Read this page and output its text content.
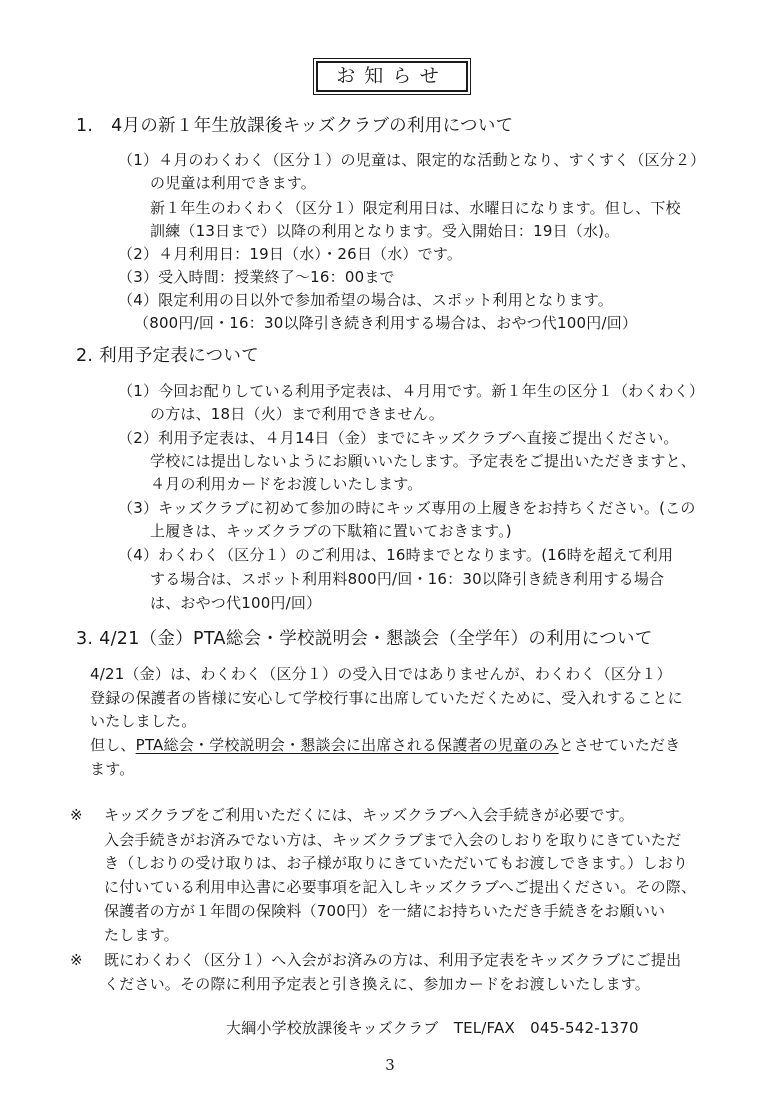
お知らせ
1.　4月の新１年生放課後キッズクラブの利用について
（1）４月のわくわく（区分１）の児童は、限定的な活動となり、すくすく（区分２）
の児童は利用できます。
新１年生のわくわく（区分１）限定利用日は、水曜日になります。但し、下校
訓練（13日まで）以降の利用となります。受入開始日：19日（水)。
（2）４月利用日：19日（水）・26日（水）です。
（3）受入時間：授業終了～16：00まで
（4）限定利用の日以外で参加希望の場合は、スポット利用となります。
（800円/回・16：30以降引き続き利用する場合は、おやつ代100円/回）
2. 利用予定表について
（1）今回お配りしている利用予定表は、４月用です。新１年生の区分１（わくわく）
の方は、18日（火）まで利用できません。
（2）利用予定表は、４月14日（金）までにキッズクラブへ直接ご提出ください。
学校には提出しないようにお願いいたします。予定表をご提出いただきますと、
４月の利用カードをお渡しいたします。
（3）キッズクラブに初めて参加の時にキッズ専用の上履きをお持ちください。(この
上履きは、キッズクラブの下駄箱に置いておきます。)
（4）わくわく（区分１）のご利用は、16時までとなります。(16時を超えて利用
する場合は、スポット利用料800円/回・16：30以降引き続き利用する場合
は、おやつ代100円/回）
3. 4/21（金）PTA総会・学校説明会・懇談会（全学年）の利用について
4/21（金）は、わくわく（区分１）の受入日ではありませんが、わくわく（区分１）
登録の保護者の皆様に安心して学校行事に出席していただくために、受入れすることに
いたしました。
但し、PTA総会・学校説明会・懇談会に出席される保護者の児童のみとさせていただき
ます。
※ キッズクラブをご利用いただくには、キッズクラブへ入会手続きが必要です。
入会手続きがお済みでない方は、キッズクラブまで入会のしおりを取りにきていただ
き（しおりの受け取りは、お子様が取りにきていただいてもお渡しできます。）しおり
に付いている利用申込書に必要事項を記入しキッズクラブへご提出ください。その際、
保護者の方が１年間の保険料（700円）を一緒にお持ちいただき手続きをお願いい
たします。
※ 既にわくわく（区分１）へ入会がお済みの方は、利用予定表をキッズクラブにご提出
ください。その際に利用予定表と引き換えに、参加カードをお渡しいたします。
大綱小学校放課後キッズクラブ　TEL/FAX　045-542-1370
3
